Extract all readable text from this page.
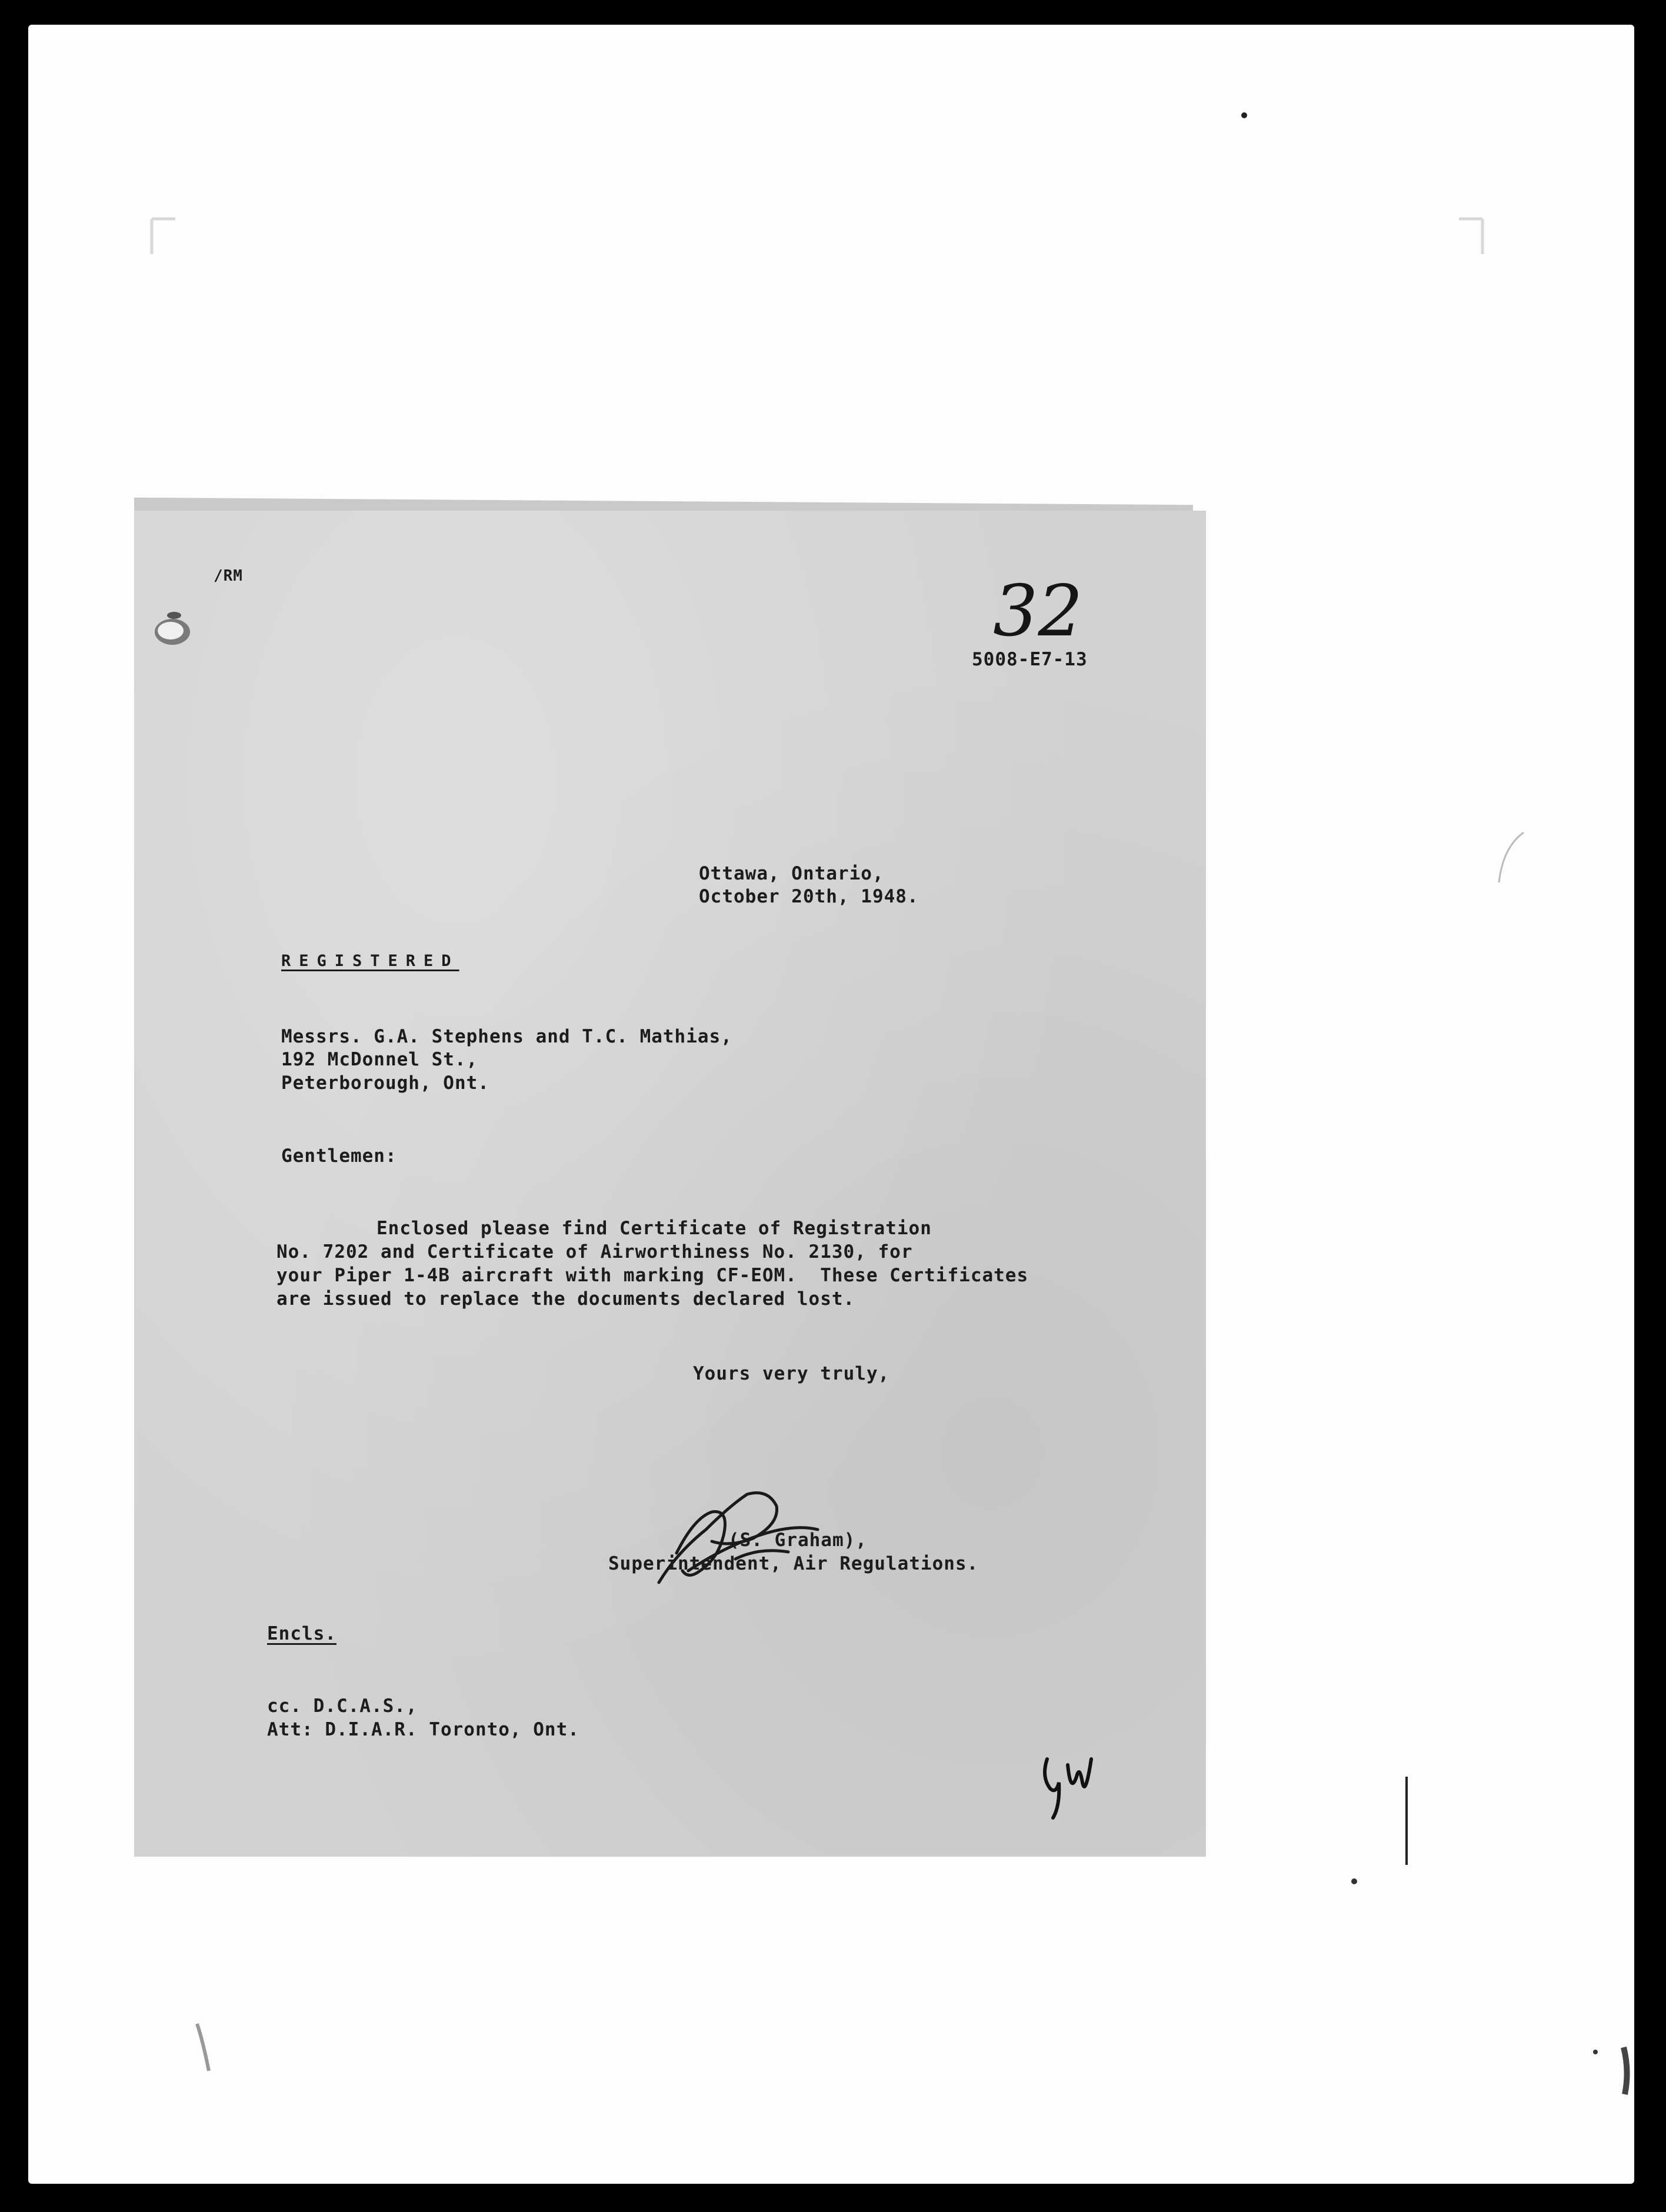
/RM	32
5008-E7-13
Ottawa, Ontario,
October 20th, 1948.
REGISTERED
Messrs. G.A. Stephens and T.C. Mathias,
192 McDonnel St.,
Peterborough, Ont.
Gentlemen:
Enclosed please find Certificate of Registration
No. 7202 and Certificate of Airworthiness No. 2130, for
your Piper 1-4B aircraft with marking CF-EOM.  These Certificates
are issued to replace the documents declared lost.
Yours very truly,
(S. Graham),
Superintendent, Air Regulations.
Encls.
cc. D.C.A.S.,
Att: D.I.A.R. Toronto, Ont.
